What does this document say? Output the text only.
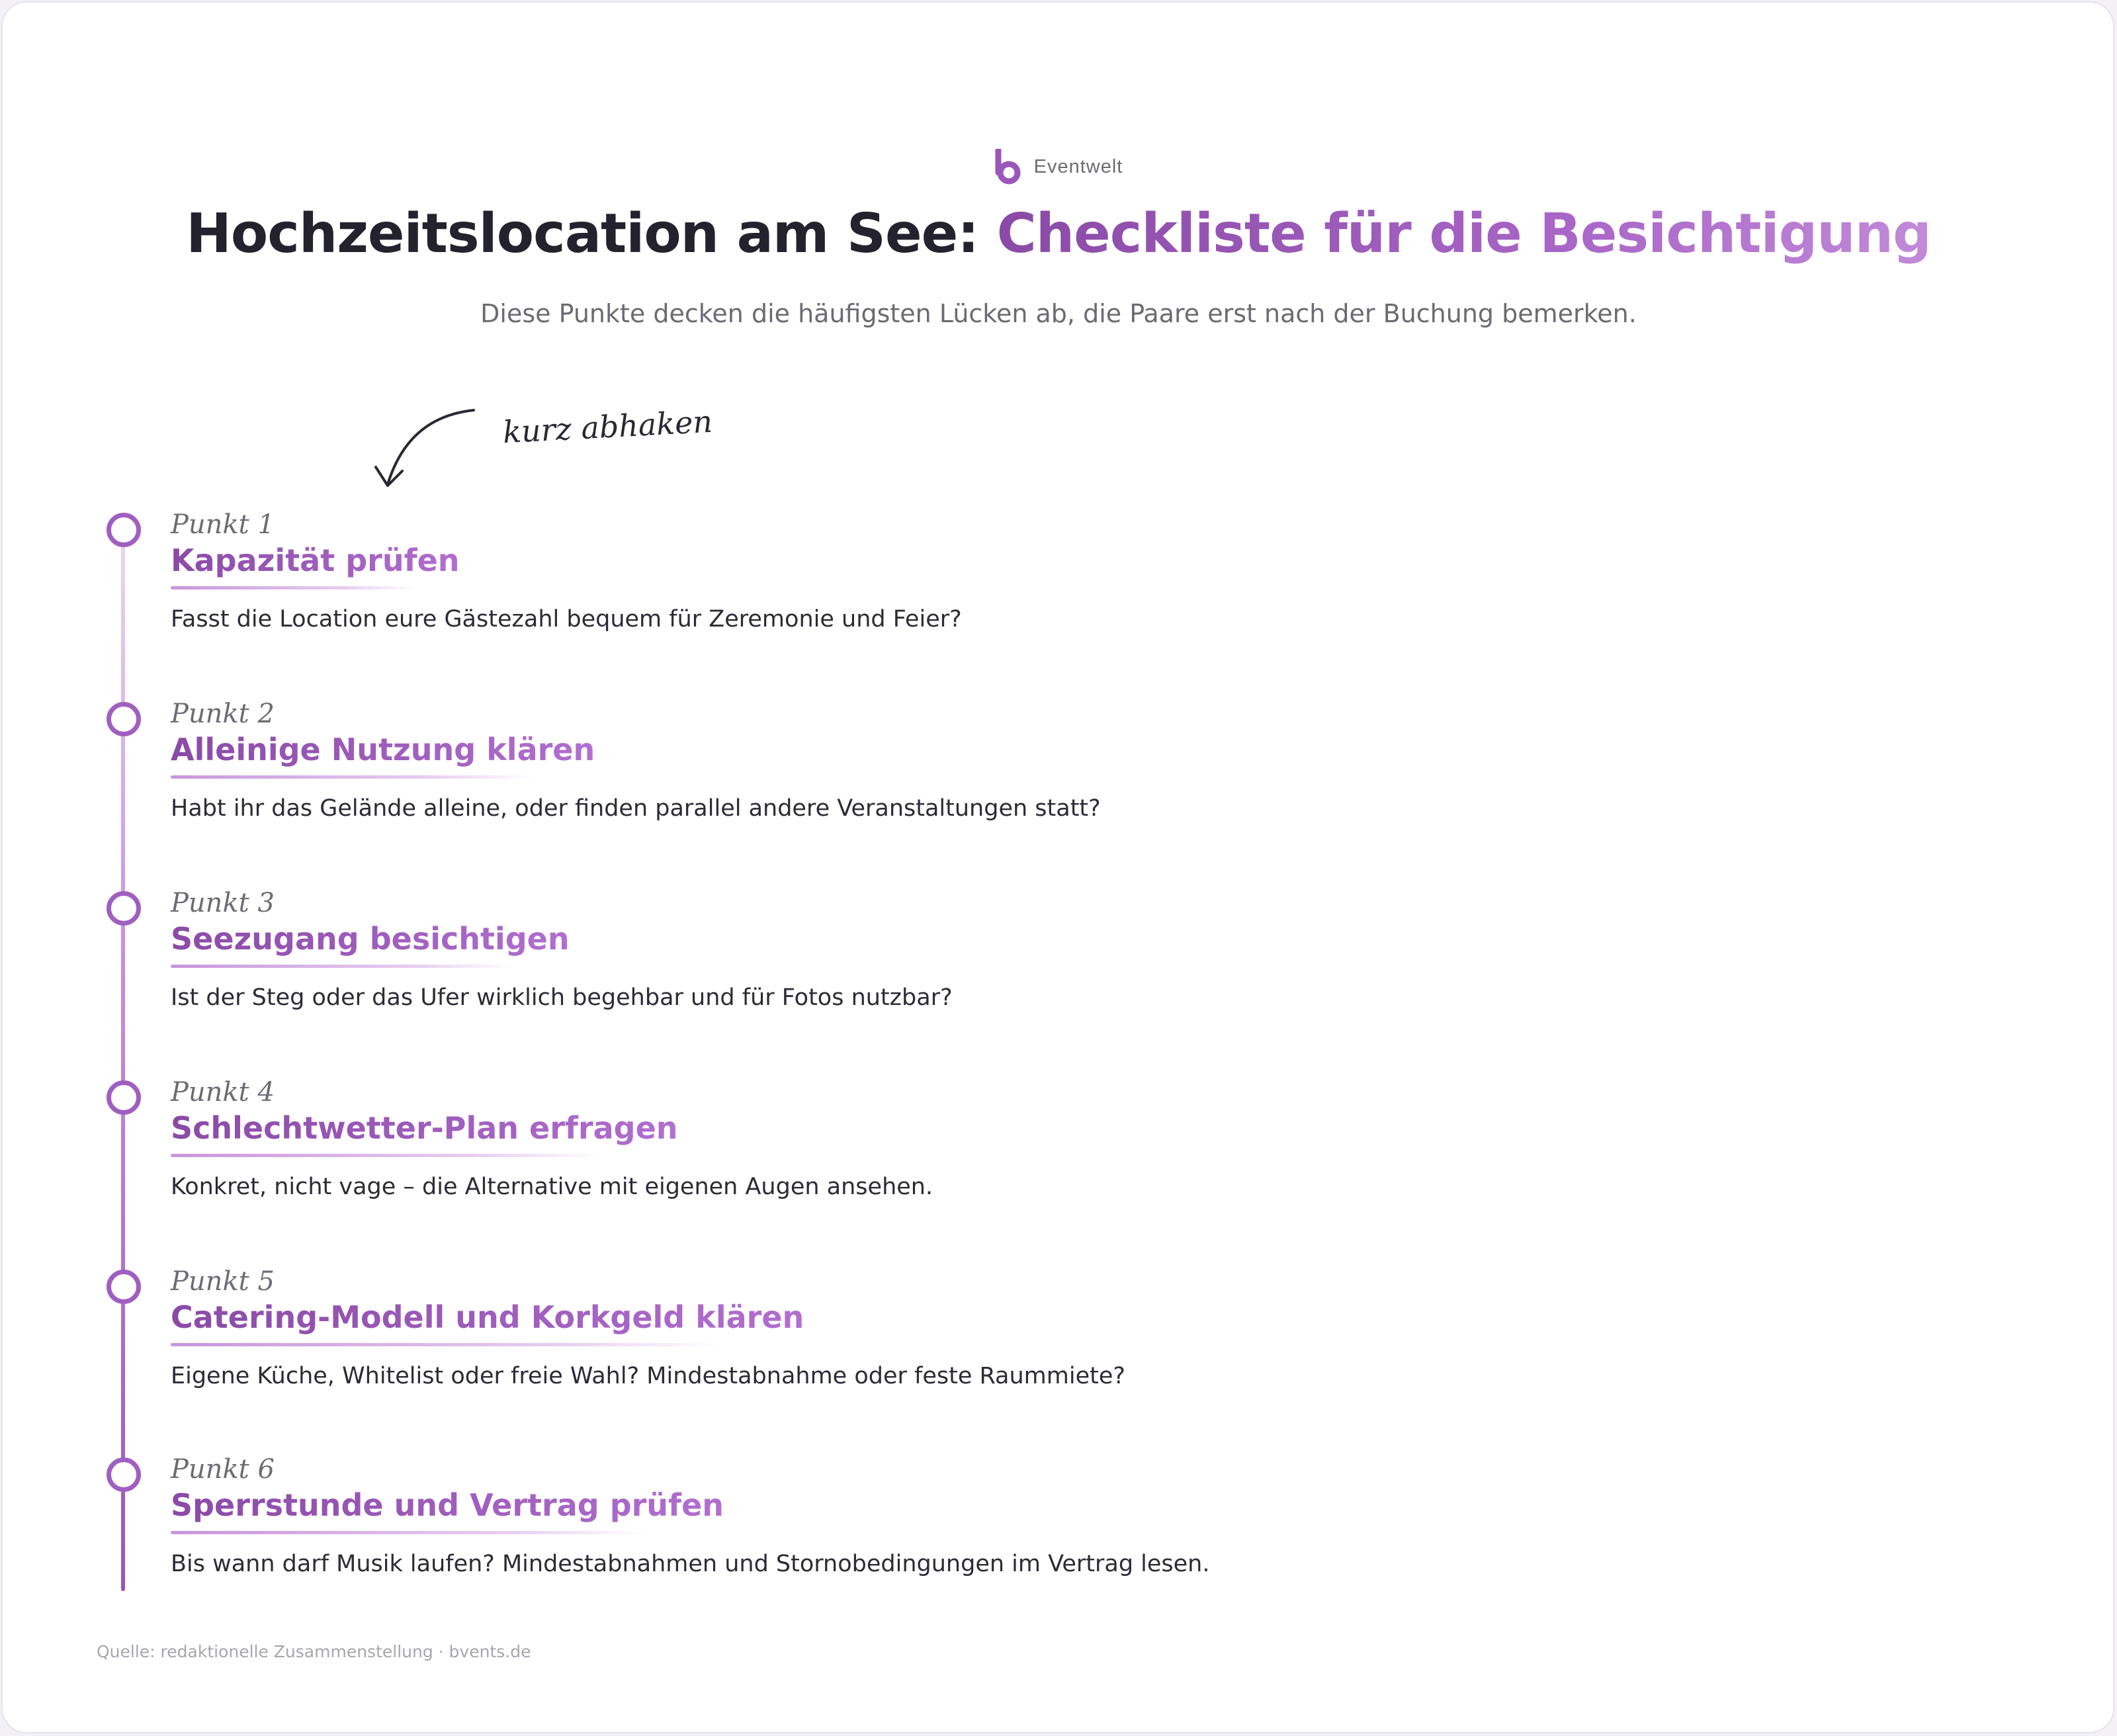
Eventwelt
Hochzeitslocation am See: Checkliste für die Besichtigung
Diese Punkte decken die häufigsten Lücken ab, die Paare erst nach der Buchung bemerken.
kurz abhaken
Punkt 1
Kapazität prüfen
Fasst die Location eure Gästezahl bequem für Zeremonie und Feier?
Punkt 2
Alleinige Nutzung klären
Habt ihr das Gelände alleine, oder finden parallel andere Veranstaltungen statt?
Punkt 3
Seezugang besichtigen
Ist der Steg oder das Ufer wirklich begehbar und für Fotos nutzbar?
Punkt 4
Schlechtwetter-Plan erfragen
Konkret, nicht vage – die Alternative mit eigenen Augen ansehen.
Punkt 5
Catering-Modell und Korkgeld klären
Eigene Küche, Whitelist oder freie Wahl? Mindestabnahme oder feste Raummiete?
Punkt 6
Sperrstunde und Vertrag prüfen
Bis wann darf Musik laufen? Mindestabnahmen und Stornobedingungen im Vertrag lesen.
Quelle: redaktionelle Zusammenstellung · bvents.de
